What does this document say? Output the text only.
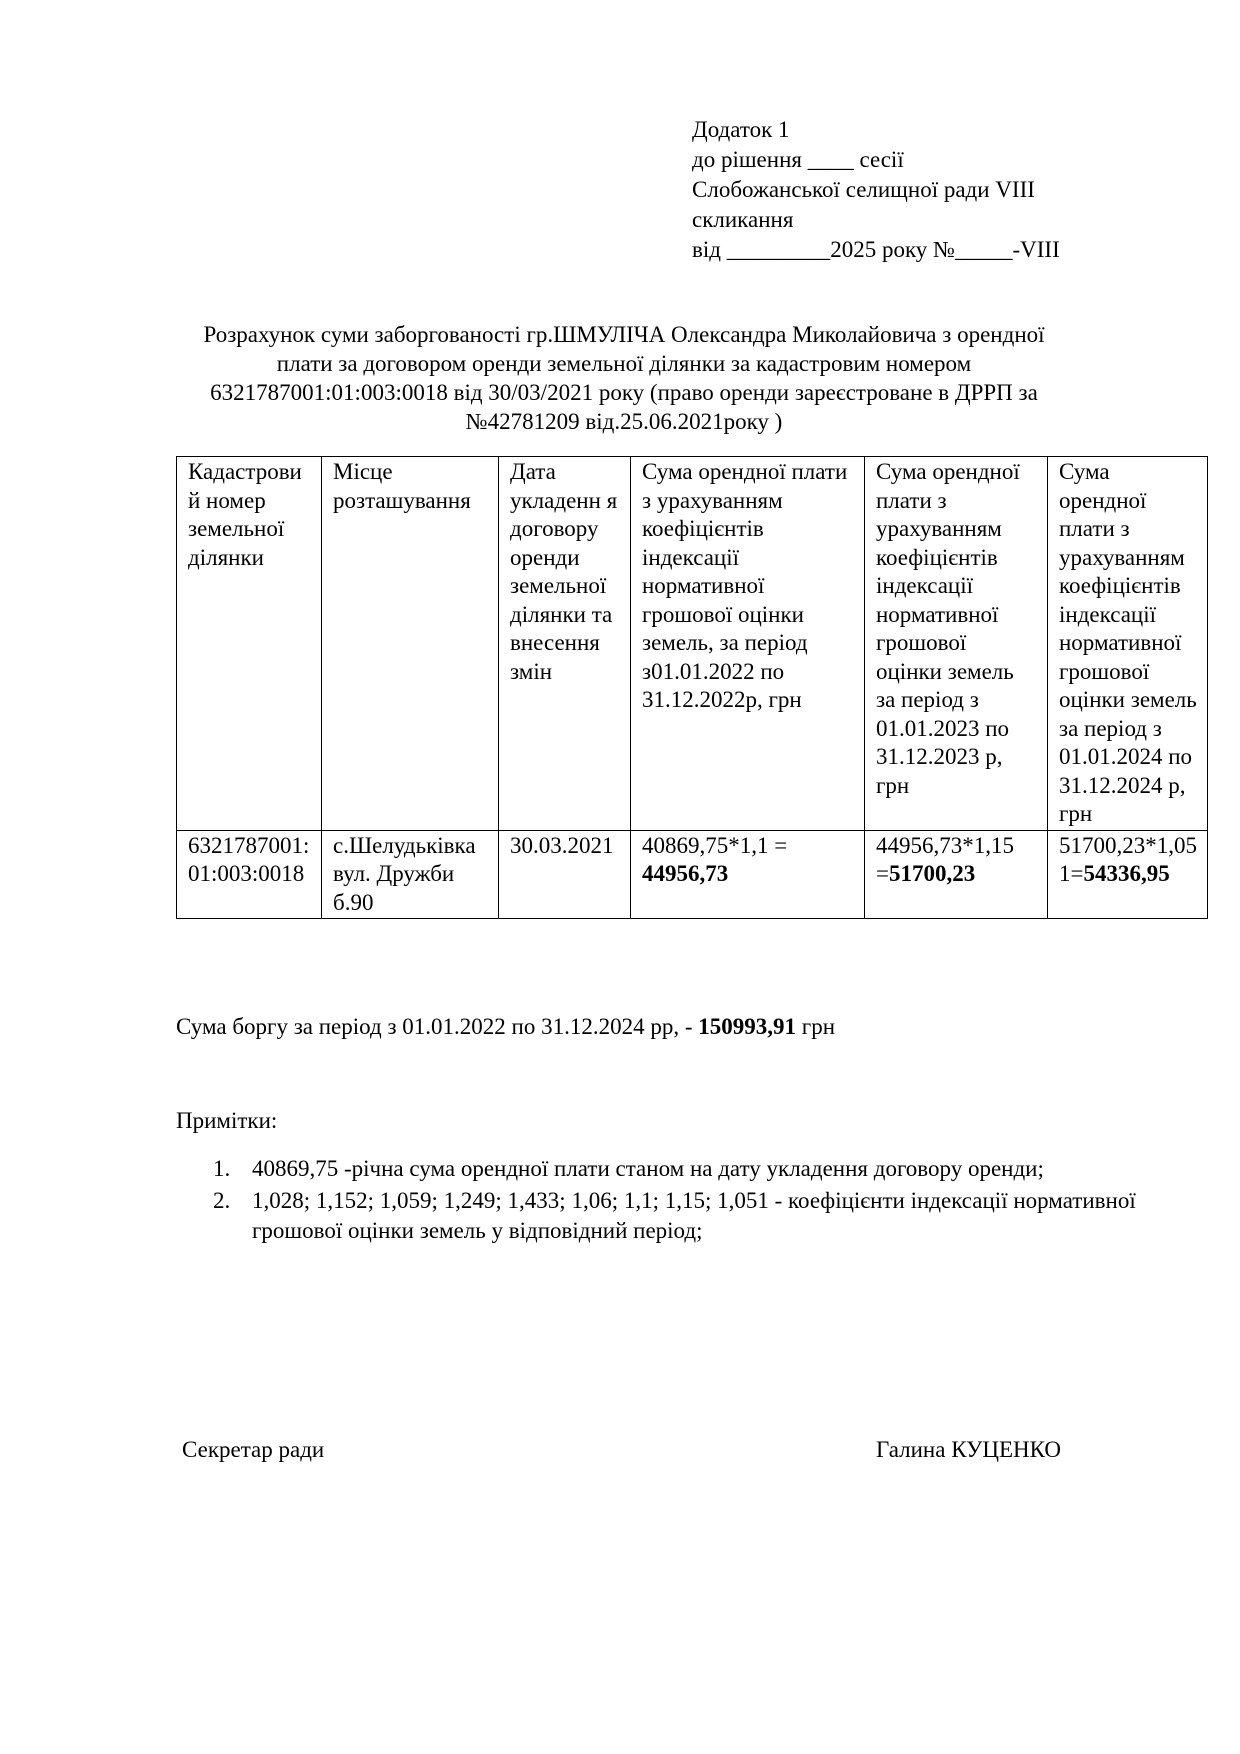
Додаток 1
до рішення ____ сесії
Слобожанської селищної ради VIII
скликання
від _________2025 року №_____-VIII
Розрахунок суми заборгованості гр.ШМУЛІЧА Олександра Миколайовича з орендної
плати за договором оренди земельної ділянки за кадастровим номером
6321787001:01:003:0018 від 30/03/2021 року (право оренди зареєстроване в ДРРП за
№42781209 від.25.06.2021року )
Кадастрови й номер земельної ділянки	Місце розташування	Дата укладенн я договору оренди земельної ділянки та внесення змін	Сума орендної плати з урахуванням коефіцієнтів індексації нормативної грошової оцінки земель, за період з01.01.2022 по 31.12.2022р, грн	Сума орендної плати з урахуванням коефіцієнтів індексації нормативної грошової оцінки земель за період з 01.01.2023 по 31.12.2023 р, грн	Сума орендної плати з урахуванням коефіцієнтів індексації нормативної грошової оцінки земель за період з 01.01.2024 по 31.12.2024 р, грн
6321787001:01:003:0018	с.Шелудьківка вул. Дружби б.90	30.03.2021	40869,75*1,1 = 44956,73	44956,73*1,15 =51700,23	51700,23*1,051=54336,95
Сума боргу за період з 01.01.2022 по 31.12.2024 рр, - 150993,91 грн
Примітки:
1. 40869,75 -річна сума орендної плати станом на дату укладення договору оренди;
2. 1,028; 1,152; 1,059; 1,249; 1,433; 1,06; 1,1; 1,15; 1,051 - коефіцієнти індексації нормативної грошової оцінки земель у відповідний період;
Секретар ради	Галина КУЦЕНКО
